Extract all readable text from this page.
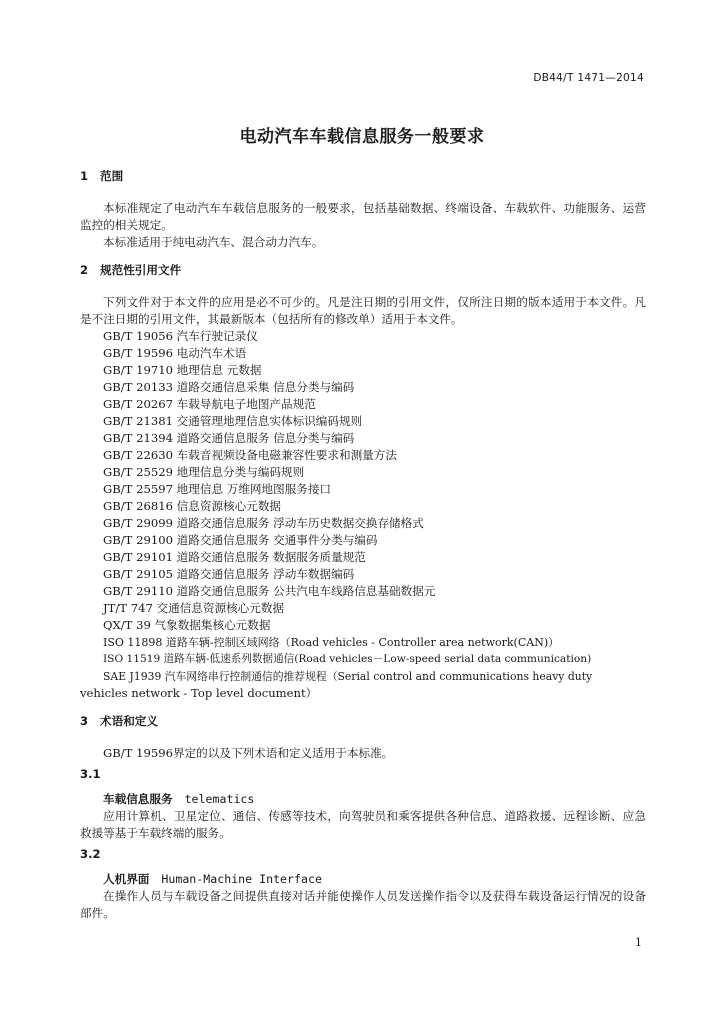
DB44/T 1471—2014
电动汽车车载信息服务一般要求

1 范围

本标准规定了电动汽车车载信息服务的一般要求，包括基础数据、终端设备、车载软件、功能服务、运营监控的相关规定。

本标准适用于纯电动汽车、混合动力汽车。

2 规范性引用文件

下列文件对于本文件的应用是必不可少的。凡是注日期的引用文件，仅所注日期的版本适用于本文件。凡是不注日期的引用文件，其最新版本（包括所有的修改单）适用于本文件。

GB/T 19056 汽车行驶记录仪

GB/T 19596 电动汽车术语

GB/T 19710 地理信息 元数据

GB/T 20133 道路交通信息采集 信息分类与编码

GB/T 20267 车载导航电子地图产品规范

GB/T 21381 交通管理地理信息实体标识编码规则

GB/T 21394 道路交通信息服务 信息分类与编码

GB/T 22630 车载音视频设备电磁兼容性要求和测量方法

GB/T 25529 地理信息分类与编码规则

GB/T 25597 地理信息 万维网地图服务接口

GB/T 26816 信息资源核心元数据

GB/T 29099 道路交通信息服务 浮动车历史数据交换存储格式

GB/T 29100 道路交通信息服务 交通事件分类与编码

GB/T 29101 道路交通信息服务 数据服务质量规范

GB/T 29105 道路交通信息服务 浮动车数据编码

GB/T 29110 道路交通信息服务 公共汽电车线路信息基础数据元

JT/T 747 交通信息资源核心元数据

QX/T 39 气象数据集核心元数据

ISO 11898 道路车辆-控制区域网络（Road vehicles - Controller area network(CAN)）

ISO 11519 道路车辆-低速系列数据通信(Road vehicles－Low-speed serial data communication)

SAE J1939 汽车网络串行控制通信的推荐规程（Serial control and communications heavy duty
vehicles network - Top level document）

3 术语和定义

GB/T 19596界定的以及下列术语和定义适用于本标准。

3.1

车载信息服务 telematics

应用计算机、卫星定位、通信、传感等技术，向驾驶员和乘客提供各种信息、道路救援、远程诊断、应急救援等基于车载终端的服务。

3.2

人机界面 Human-Machine Interface

在操作人员与车载设备之间提供直接对话并能使操作人员发送操作指令以及获得车载设备运行情况的设备部件。

1
